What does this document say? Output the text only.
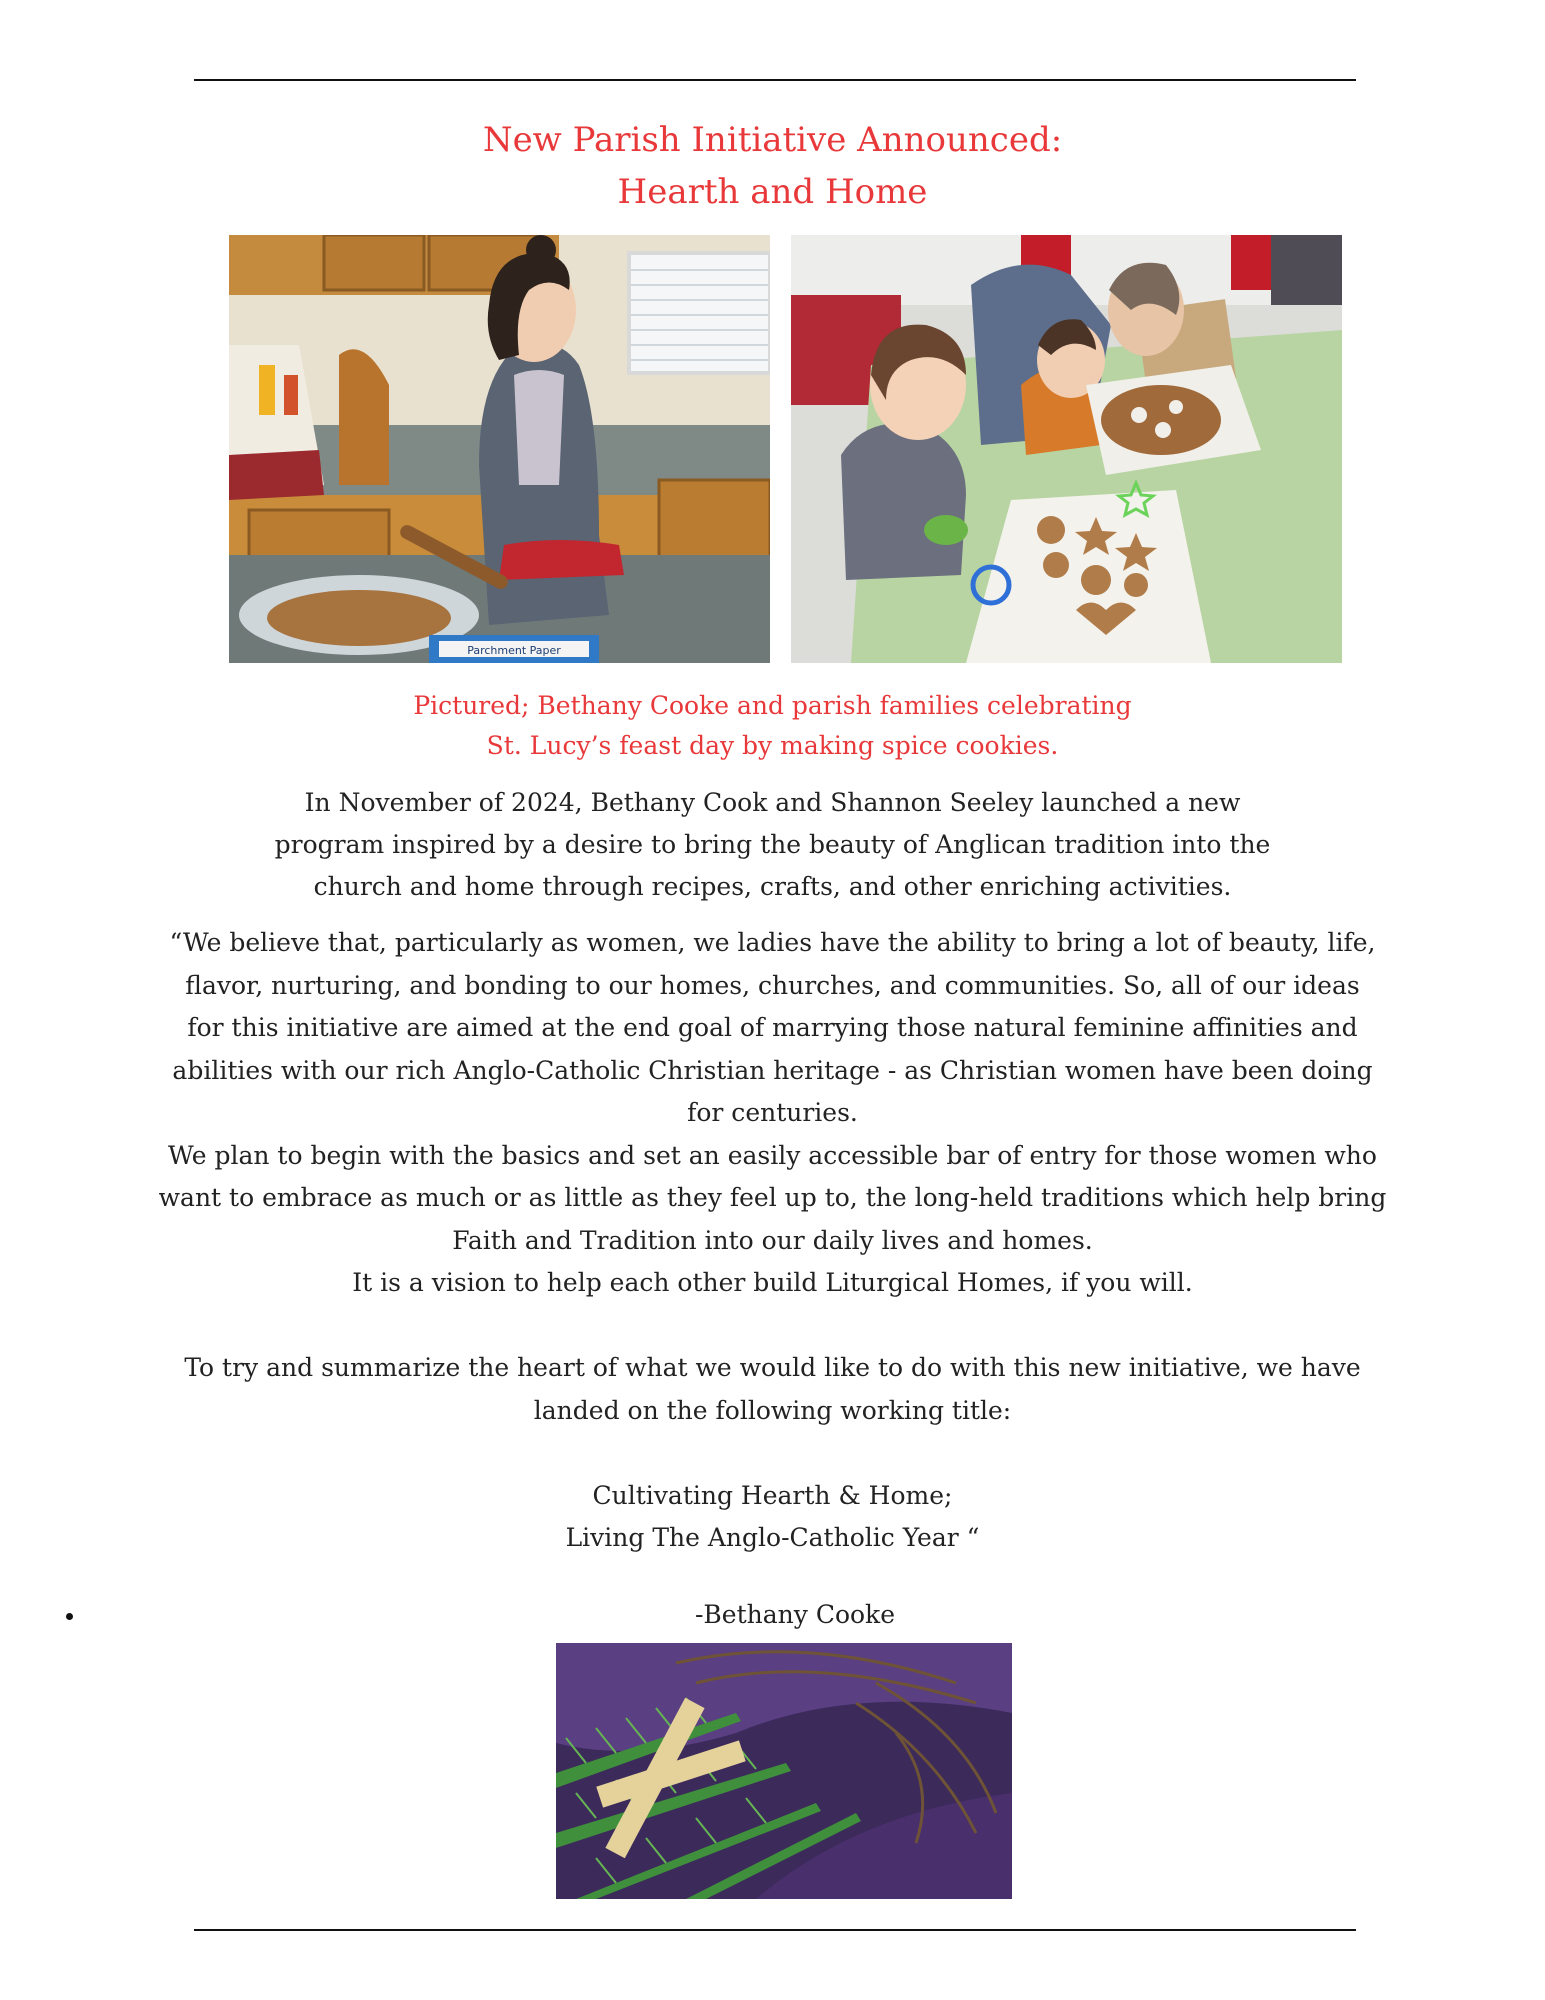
New Parish Initiative Announced:
Hearth and Home
Parchment Paper
Pictured; Bethany Cooke and parish families celebrating
St. Lucy’s feast day by making spice cookies.
In November of 2024, Bethany Cook and Shannon Seeley launched a new
program inspired by a desire to bring the beauty of Anglican tradition into the
church and home through recipes, crafts, and other enriching activities.
“We believe that, particularly as women, we ladies have the ability to bring a lot of beauty, life,
flavor, nurturing, and bonding to our homes, churches, and communities. So, all of our ideas
for this initiative are aimed at the end goal of marrying those natural feminine affinities and
abilities with our rich Anglo-Catholic Christian heritage - as Christian women have been doing
for centuries.
We plan to begin with the basics and set an easily accessible bar of entry for those women who
want to embrace as much or as little as they feel up to, the long-held traditions which help bring
Faith and Tradition into our daily lives and homes.
It is a vision to help each other build Liturgical Homes, if you will.
To try and summarize the heart of what we would like to do with this new initiative, we have
landed on the following working title:
Cultivating Hearth & Home;
Living The Anglo-Catholic Year “
-Bethany Cooke
